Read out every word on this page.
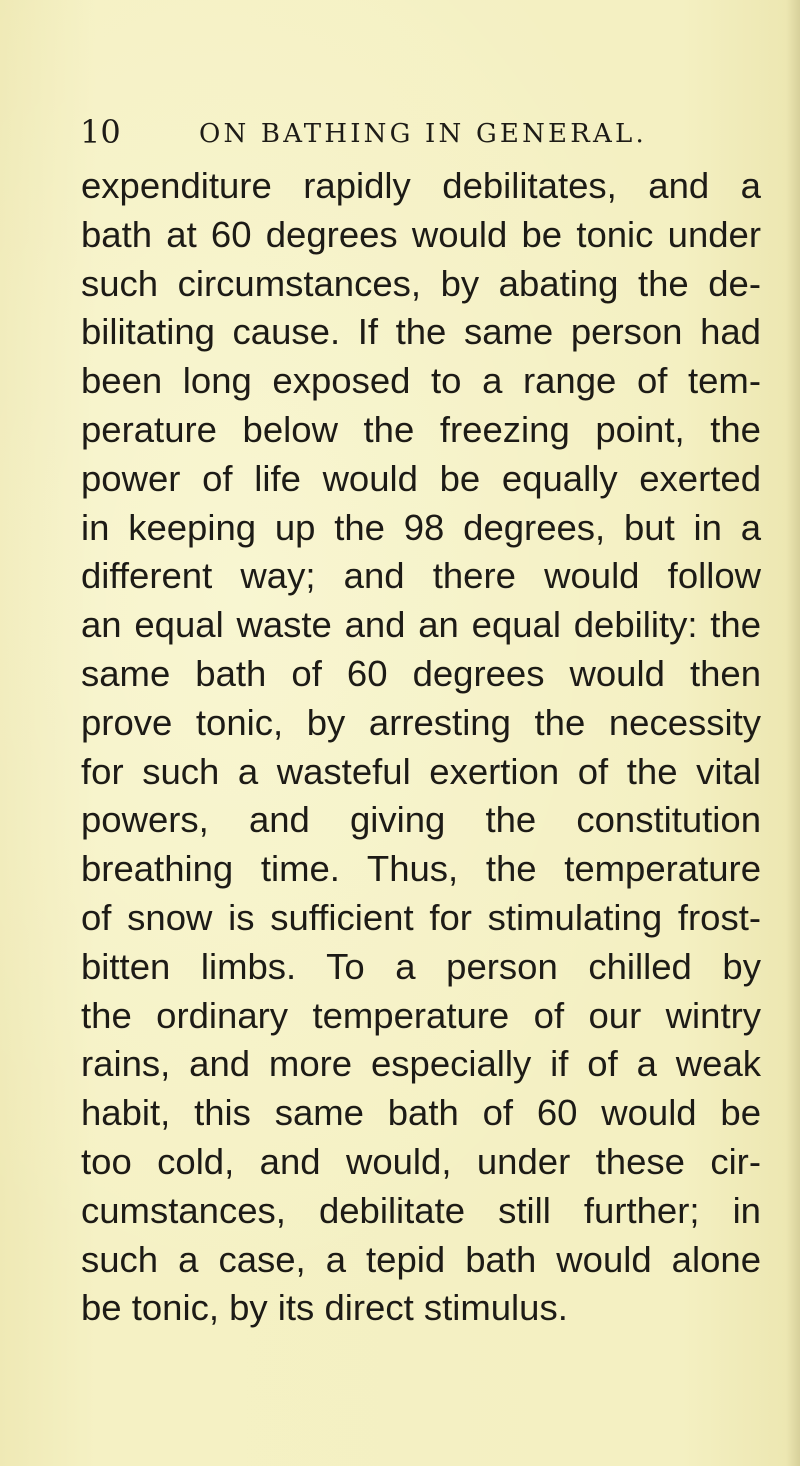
10	ON BATHING IN GENERAL.
expenditure rapidly debilitates, and a
bath at 60 degrees would be tonic under
such circumstances, by abating the de-
bilitating cause. If the same person had
been long exposed to a range of tem-
perature below the freezing point, the
power of life would be equally exerted
in keeping up the 98 degrees, but in a
different way; and there would follow
an equal waste and an equal debility: the
same bath of 60 degrees would then
prove tonic, by arresting the necessity
for such a wasteful exertion of the vital
powers, and giving the constitution
breathing time. Thus, the temperature
of snow is sufficient for stimulating frost-
bitten limbs. To a person chilled by
the ordinary temperature of our wintry
rains, and more especially if of a weak
habit, this same bath of 60 would be
too cold, and would, under these cir-
cumstances, debilitate still further; in
such a case, a tepid bath would alone
be tonic, by its direct stimulus.
